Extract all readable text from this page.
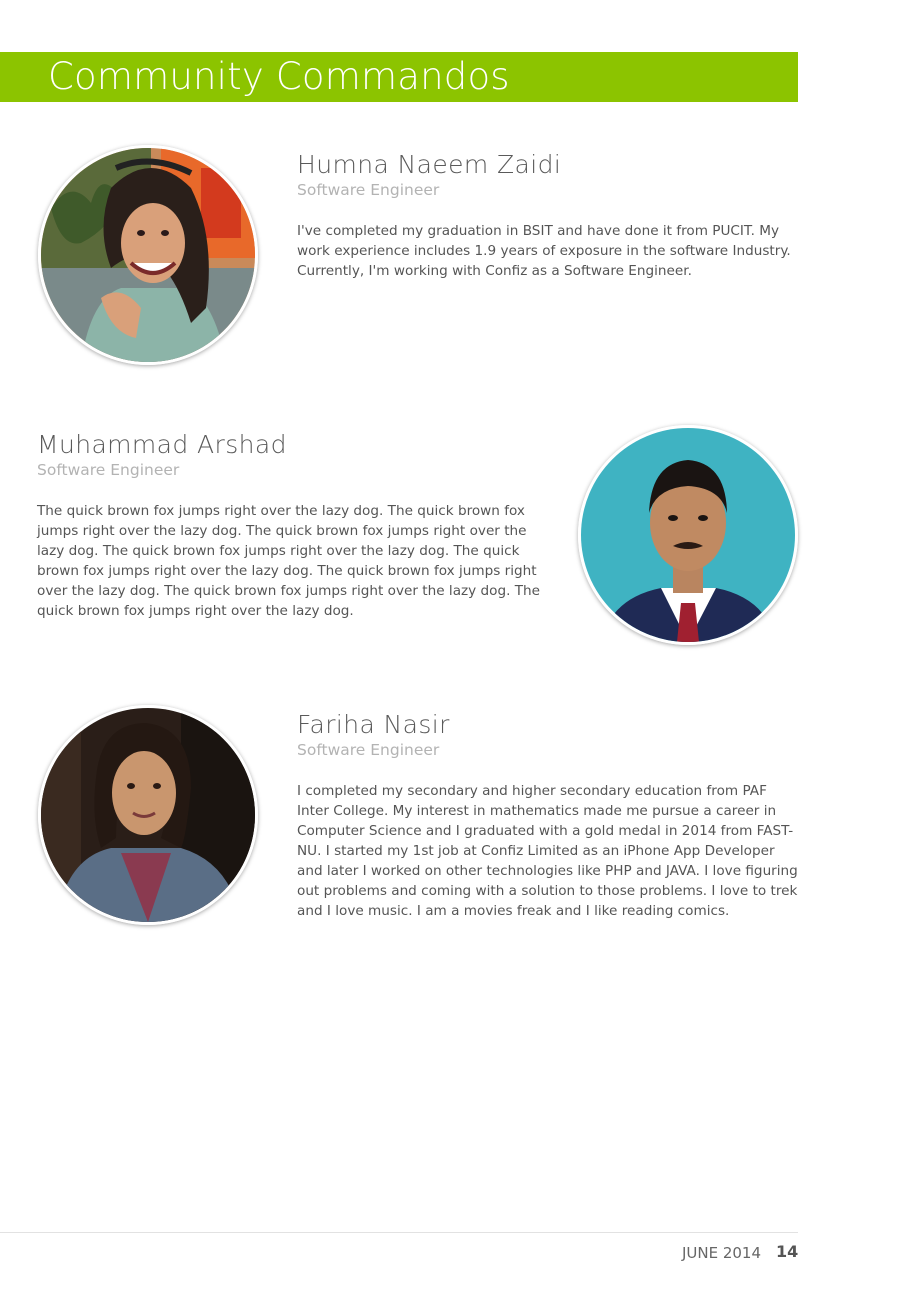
Community Commandos
Humna Naeem Zaidi
Software Engineer

I've completed my graduation in BSIT and have done it from PUCIT. My work experience includes 1.9 years of exposure in the software Industry. Currently, I'm working with Confiz as a Software Engineer.

Muhammad Arshad
Software Engineer

The quick brown fox jumps right over the lazy dog. The quick brown fox jumps right over the lazy dog. The quick brown fox jumps right over the lazy dog. The quick brown fox jumps right over the lazy dog. The quick brown fox jumps right over the lazy dog. The quick brown fox jumps right over the lazy dog. The quick brown fox jumps right over the lazy dog. The quick brown fox jumps right over the lazy dog.

Fariha Nasir
Software Engineer

I completed my secondary and higher secondary education from PAF Inter College. My interest in mathematics made me pursue a career in Computer Science and I graduated with a gold medal in 2014 from FAST-NU. I started my 1st job at Confiz Limited as an iPhone App Developer and later I worked on other technologies like PHP and JAVA. I love figuring out problems and coming with a solution to those problems. I love to trek and I love music. I am a movies freak and I like reading comics.

JUNE 2014 14
